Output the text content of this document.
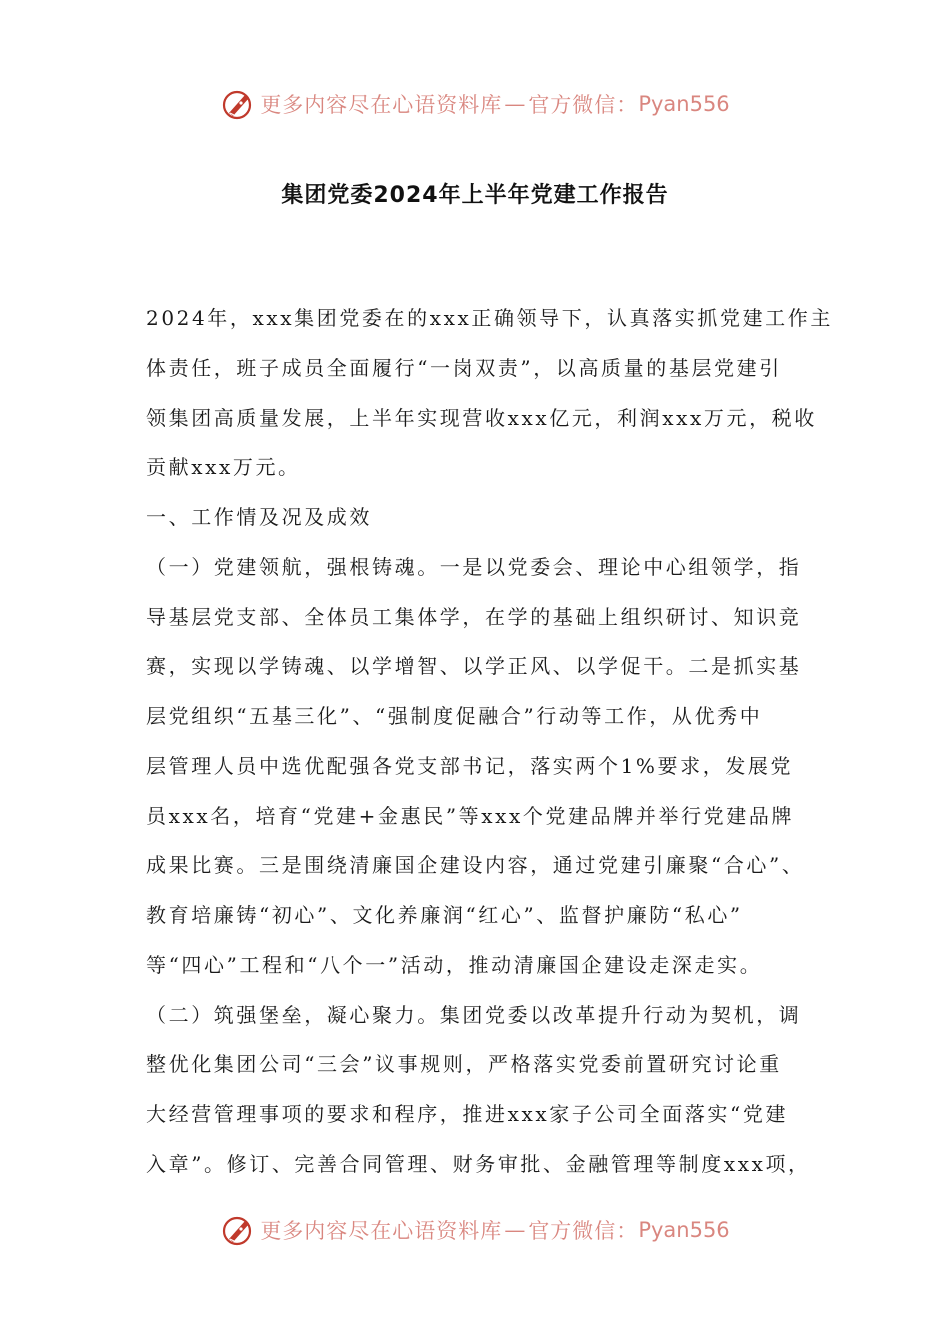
更多内容尽在心语资料库 — 官方微信： Pyan556
集团党委2024年上半年党建工作报告
2024年，xxx集团党委在的xxx正确领导下，认真落实抓党建工作主
体责任，班子成员全面履行“一岗双责”，以高质量的基层党建引
领集团高质量发展，上半年实现营收xxx亿元，利润xxx万元，税收
贡献xxx万元。
一、工作情及况及成效
（一）党建领航，强根铸魂。一是以党委会、理论中心组领学，指
导基层党支部、全体员工集体学，在学的基础上组织研讨、知识竞
赛，实现以学铸魂、以学增智、以学正风、以学促干。二是抓实基
层党组织“五基三化”、“强制度促融合”行动等工作，从优秀中
层管理人员中选优配强各党支部书记，落实两个1%要求，发展党
员xxx名，培育“党建+金惠民”等xxx个党建品牌并举行党建品牌
成果比赛。三是围绕清廉国企建设内容，通过党建引廉聚“合心”、
教育培廉铸“初心”、文化养廉润“红心”、监督护廉防“私心”
等“四心”工程和“八个一”活动，推动清廉国企建设走深走实。
（二）筑强堡垒，凝心聚力。集团党委以改革提升行动为契机，调
整优化集团公司“三会”议事规则，严格落实党委前置研究讨论重
大经营管理事项的要求和程序，推进xxx家子公司全面落实“党建
入章”。修订、完善合同管理、财务审批、金融管理等制度xxx项，
更多内容尽在心语资料库 — 官方微信： Pyan556
